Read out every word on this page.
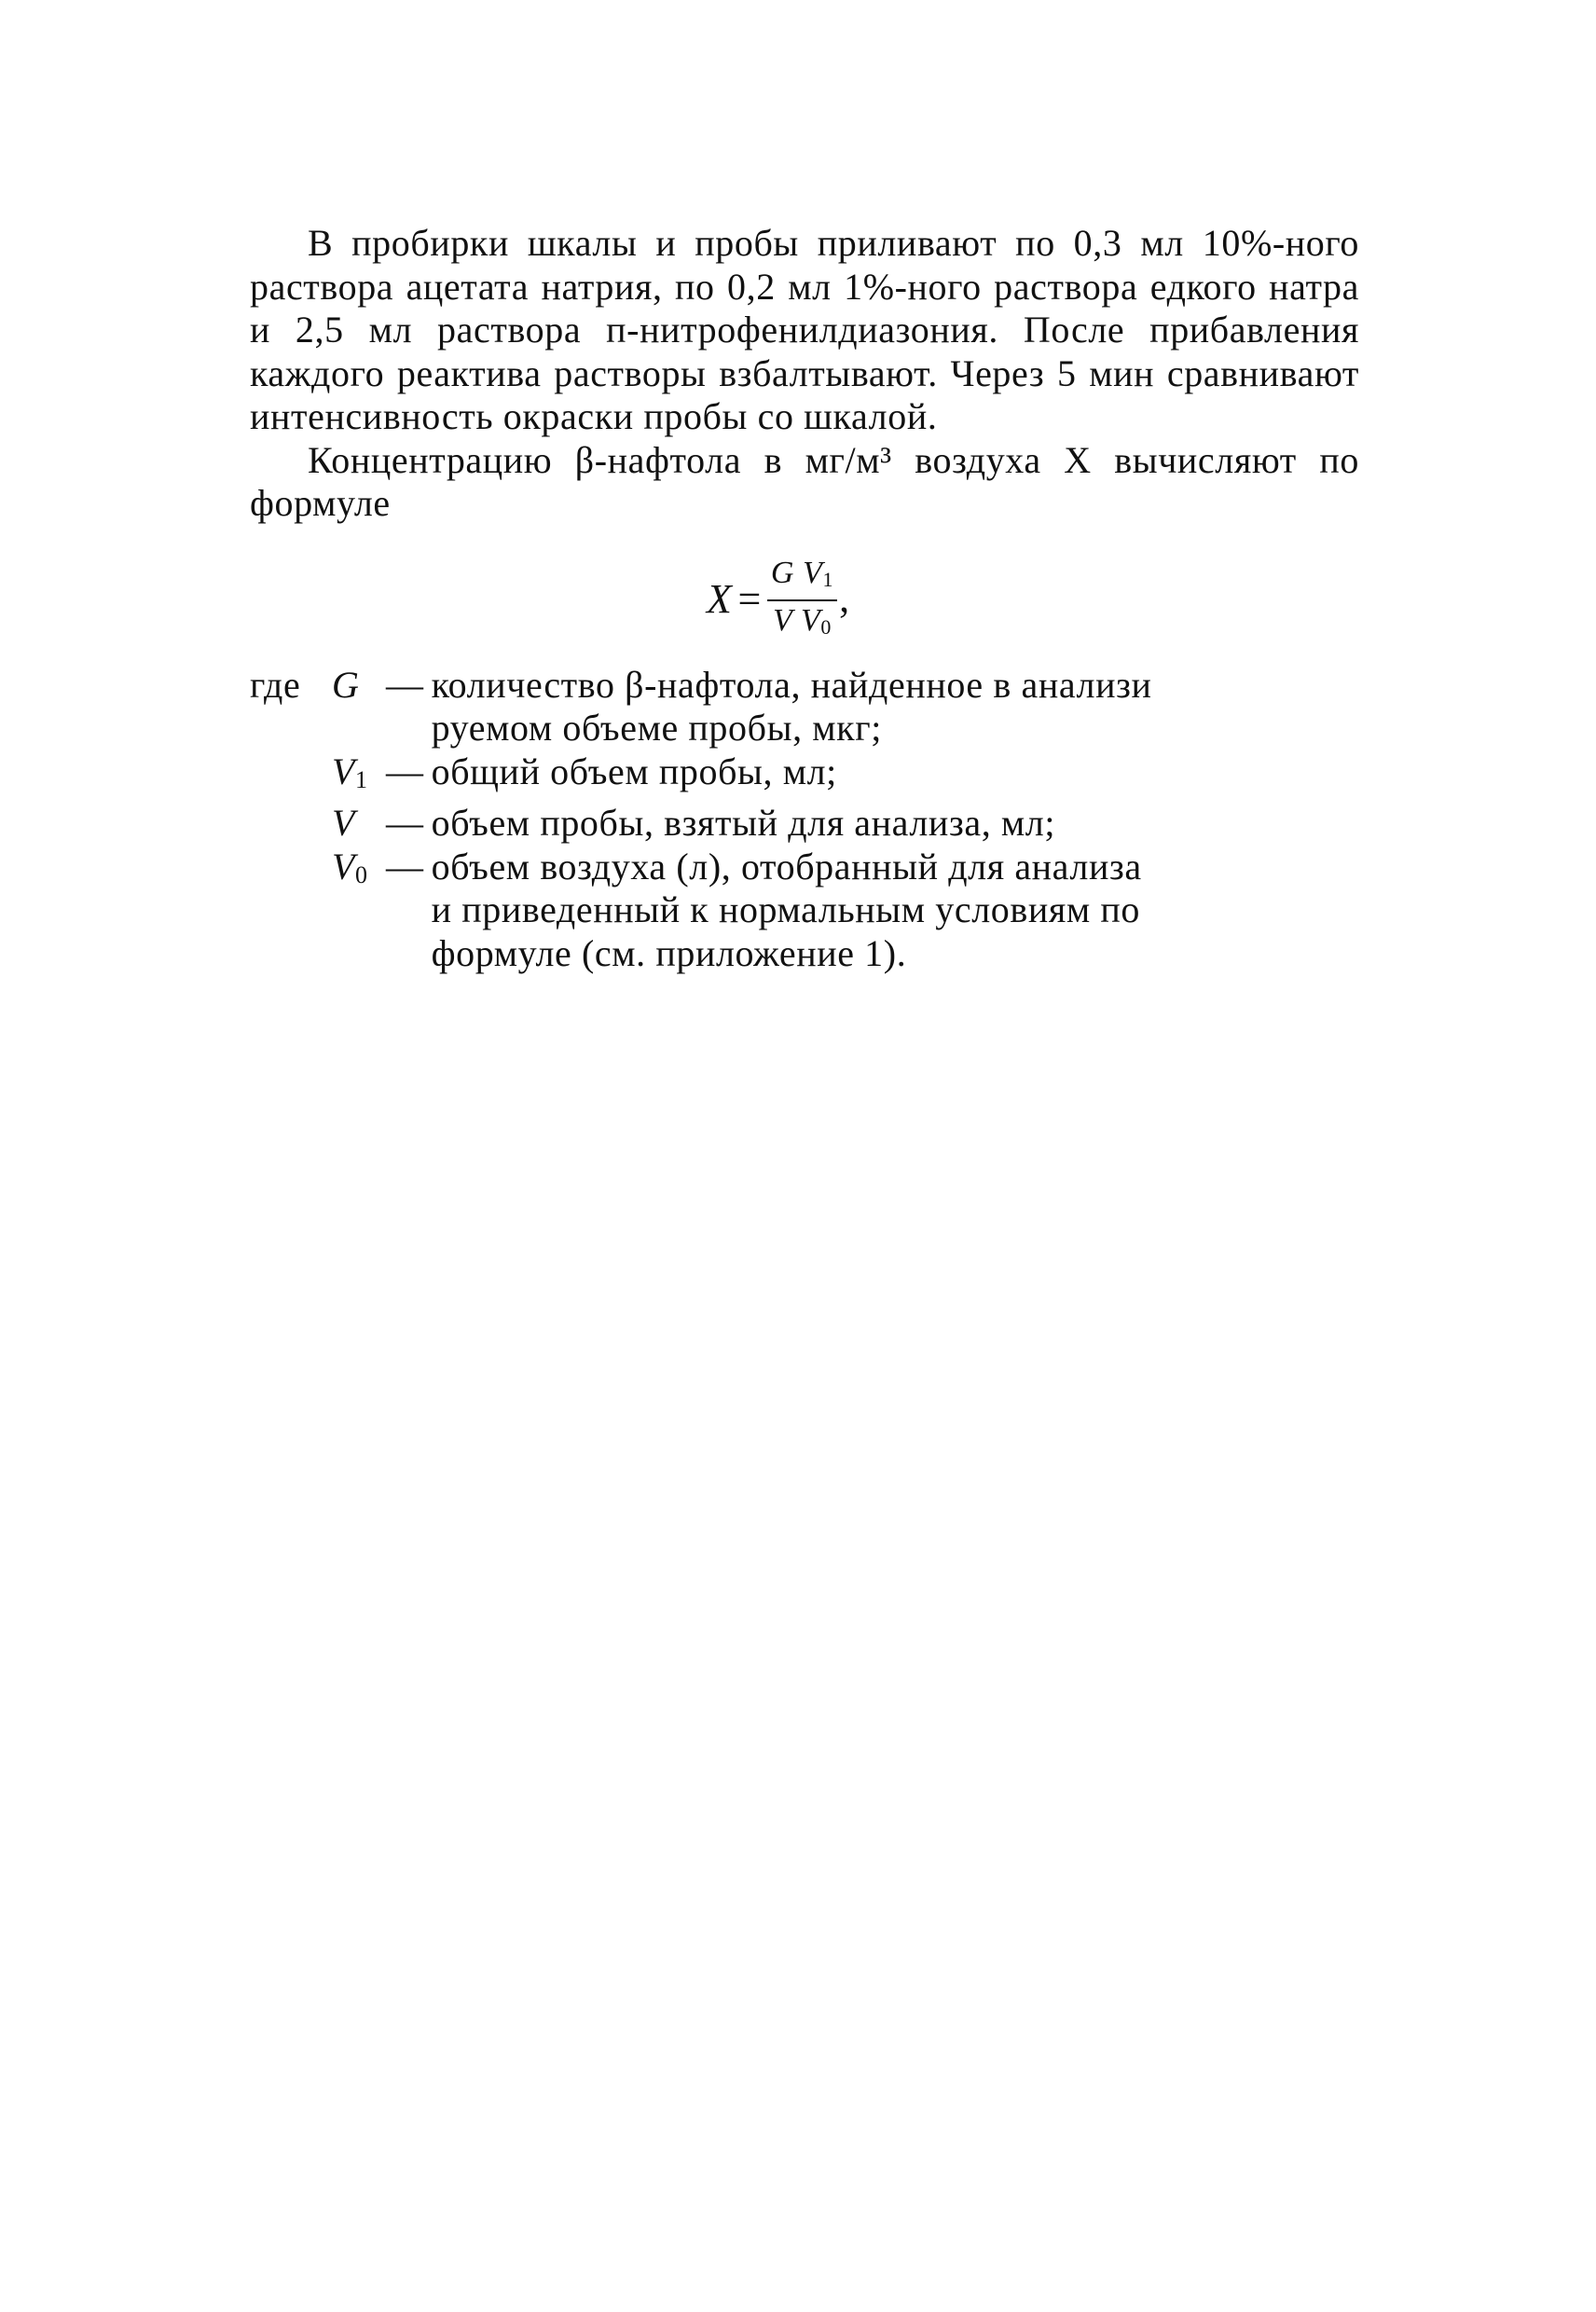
В пробирки шкалы и пробы приливают по 0,3 мл 10%-ного раствора ацетата натрия, по 0,2 мл 1%-ного раствора едкого натра и 2,5 мл раствора п-нитрофенилдиазония. После прибавления каждого реактива растворы взбалтывают. Через 5 мин сравнивают интенсивность окраски пробы со шкалой.

Концентрацию β-нафтола в мг/м³ воздуха X вычисляют по формуле

$X = \frac{G V_1}{V V_0}$ ,
где G — количество β-нафтола, найденное в анализи
руемом объеме пробы, мкг;
$V_1$ — общий объем пробы, мл;
V — объем пробы, взятый для анализа, мл;
$V_0$ — объем воздуха (л), отобранный для анализа
и приведенный к нормальным условиям по
формуле (см. приложение 1).
